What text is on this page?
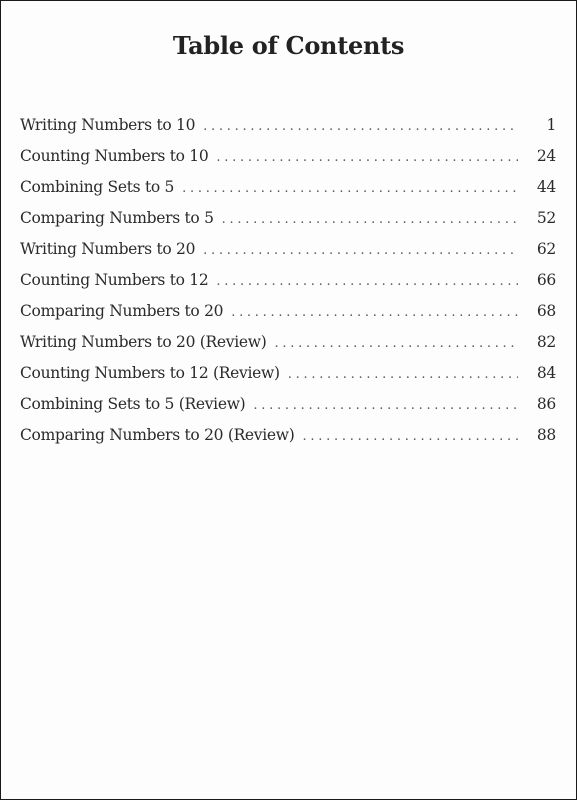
Table of Contents
Writing Numbers to 10 . . .	1
Counting Numbers to 10 . . .	24
Combining Sets to 5 . . .	44
Comparing Numbers to 5 . . .	52
Writing Numbers to 20 . . .	62
Counting Numbers to 12 . . .	66
Comparing Numbers to 20 . . .	68
Writing Numbers to 20 (Review) . . .	82
Counting Numbers to 12 (Review) . . .	84
Combining Sets to 5 (Review) . . .	86
Comparing Numbers to 20 (Review) . . .	88
